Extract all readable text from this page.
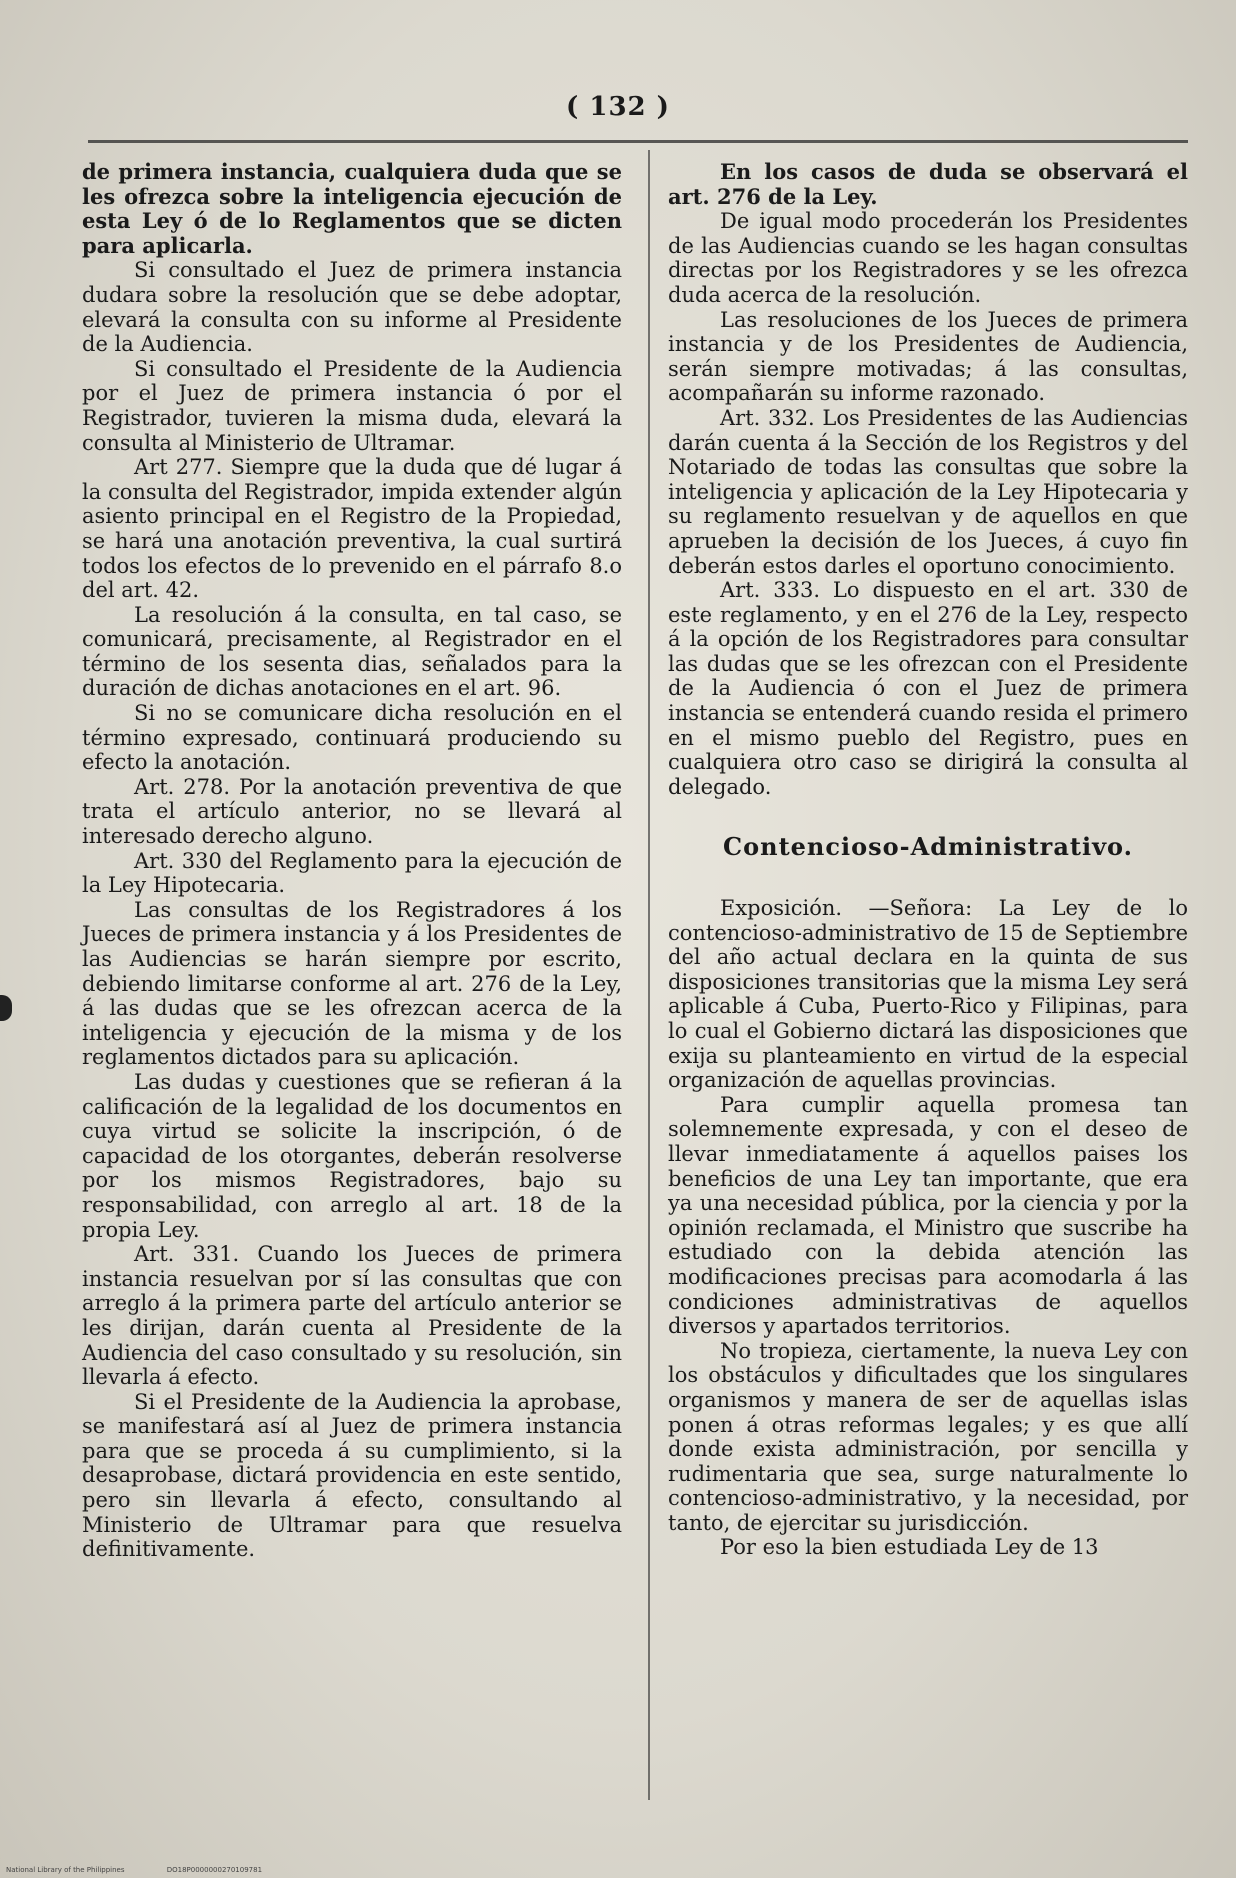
( 132 )

de primera instancia, cualquiera duda que se les ofrezca sobre la inteligencia ejecución de esta Ley ó de lo Reglamentos que se dicten para aplicarla.

Si consultado el Juez de primera instancia dudara sobre la resolución que se debe adoptar, elevará la consulta con su informe al Presidente de la Audiencia.

Si consultado el Presidente de la Audiencia por el Juez de primera instancia ó por el Registrador, tuvieren la misma duda, elevará la consulta al Ministerio de Ultramar.

Art 277. Siempre que la duda que dé lugar á la consulta del Registrador, impida extender algún asiento principal en el Registro de la Propiedad, se hará una anotación preventiva, la cual surtirá todos los efectos de lo prevenido en el párrafo 8.o del art. 42.

La resolución á la consulta, en tal caso, se comunicará, precisamente, al Registrador en el término de los sesenta dias, señalados para la duración de dichas anotaciones en el art. 96.

Si no se comunicare dicha resolución en el término expresado, continuará produciendo su efecto la anotación.

Art. 278. Por la anotación preventiva de que trata el artículo anterior, no se llevará al interesado derecho alguno.

Art. 330 del Reglamento para la ejecución de la Ley Hipotecaria.

Las consultas de los Registradores á los Jueces de primera instancia y á los Presidentes de las Audiencias se harán siempre por escrito, debiendo limitarse conforme al art. 276 de la Ley, á las dudas que se les ofrezcan acerca de la inteligencia y ejecución de la misma y de los reglamentos dictados para su aplicación.

Las dudas y cuestiones que se refieran á la calificación de la legalidad de los documentos en cuya virtud se solicite la inscripción, ó de capacidad de los otorgantes, deberán resolverse por los mismos Registradores, bajo su responsabilidad, con arreglo al art. 18 de la propia Ley.

Art. 331. Cuando los Jueces de primera instancia resuelvan por sí las consultas que con arreglo á la primera parte del artículo anterior se les dirijan, darán cuenta al Presidente de la Audiencia del caso consultado y su resolución, sin llevarla á efecto.

Si el Presidente de la Audiencia la aprobase, se manifestará así al Juez de primera instancia para que se proceda á su cumplimiento, si la desaprobase, dictará providencia en este sentido, pero sin llevarla á efecto, consultando al Ministerio de Ultramar para que resuelva definitivamente.

En los casos de duda se observará el art. 276 de la Ley.

De igual modo procederán los Presidentes de las Audiencias cuando se les hagan consultas directas por los Registradores y se les ofrezca duda acerca de la resolución.

Las resoluciones de los Jueces de primera instancia y de los Presidentes de Audiencia, serán siempre motivadas; á las consultas, acompañarán su informe razonado.

Art. 332. Los Presidentes de las Audiencias darán cuenta á la Sección de los Registros y del Notariado de todas las consultas que sobre la inteligencia y aplicación de la Ley Hipotecaria y su reglamento resuelvan y de aquellos en que aprueben la decisión de los Jueces, á cuyo fin deberán estos darles el oportuno conocimiento.

Art. 333. Lo dispuesto en el art. 330 de este reglamento, y en el 276 de la Ley, respecto á la opción de los Registradores para consultar las dudas que se les ofrezcan con el Presidente de la Audiencia ó con el Juez de primera instancia se entenderá cuando resida el primero en el mismo pueblo del Registro, pues en cualquiera otro caso se dirigirá la consulta al delegado.

Contencioso-Administrativo.

Exposición. —Señora: La Ley de lo contencioso-administrativo de 15 de Septiembre del año actual declara en la quinta de sus disposiciones transitorias que la misma Ley será aplicable á Cuba, Puerto-Rico y Filipinas, para lo cual el Gobierno dictará las disposiciones que exija su planteamiento en virtud de la especial organización de aquellas provincias.

Para cumplir aquella promesa tan solemnemente expresada, y con el deseo de llevar inmediatamente á aquellos paises los beneficios de una Ley tan importante, que era ya una necesidad pública, por la ciencia y por la opinión reclamada, el Ministro que suscribe ha estudiado con la debida atención las modificaciones precisas para acomodarla á las condiciones administrativas de aquellos diversos y apartados territorios.

No tropieza, ciertamente, la nueva Ley con los obstáculos y dificultades que los singulares organismos y manera de ser de aquellas islas ponen á otras reformas legales; y es que allí donde exista administración, por sencilla y rudimentaria que sea, surge naturalmente lo contencioso-administrativo, y la necesidad, por tanto, de ejercitar su jurisdicción.

Por eso la bien estudiada Ley de 13

National Library of the Philippines	DO18P0000000270109781
